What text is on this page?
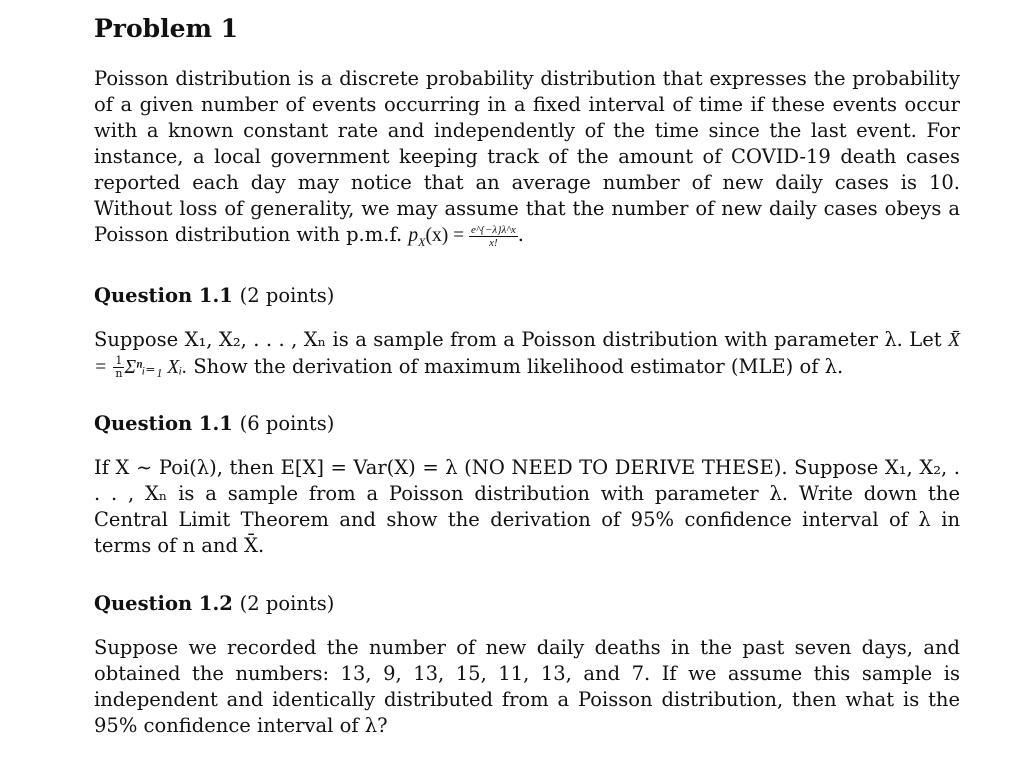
Problem 1

Poisson distribution is a discrete probability distribution that expresses the probability of a given number of events occurring in a fixed interval of time if these events occur with a known constant rate and independently of the time since the last event. For instance, a local government keeping track of the amount of COVID-19 death cases reported each day may notice that an average number of new daily cases is 10. Without loss of generality, we may assume that the number of new daily cases obeys a Poisson distribution with p.m.f. $p_X(x) = \frac{e\^{}\{-\lambda\}\lambda\^{}x}{x!}$ .

Question 1.1 (2 points)

Suppose X₁, X₂, . . . , Xₙ is a sample from a Poisson distribution with parameter λ. Let X̄ = $\frac{1}{n}$ Σⁿᵢ₌₁ Xᵢ. Show the derivation of maximum likelihood estimator (MLE) of λ.

Question 1.1 (6 points)

If X ∼ Poi(λ), then E[X] = Var(X) = λ (NO NEED TO DERIVE THESE). Suppose X₁, X₂, . . . , Xₙ is a sample from a Poisson distribution with parameter λ. Write down the Central Limit Theorem and show the derivation of 95% confidence interval of λ in terms of n and X̄.

Question 1.2 (2 points)

Suppose we recorded the number of new daily deaths in the past seven days, and obtained the numbers: 13, 9, 13, 15, 11, 13, and 7. If we assume this sample is independent and identically distributed from a Poisson distribution, then what is the 95% confidence interval of λ?
